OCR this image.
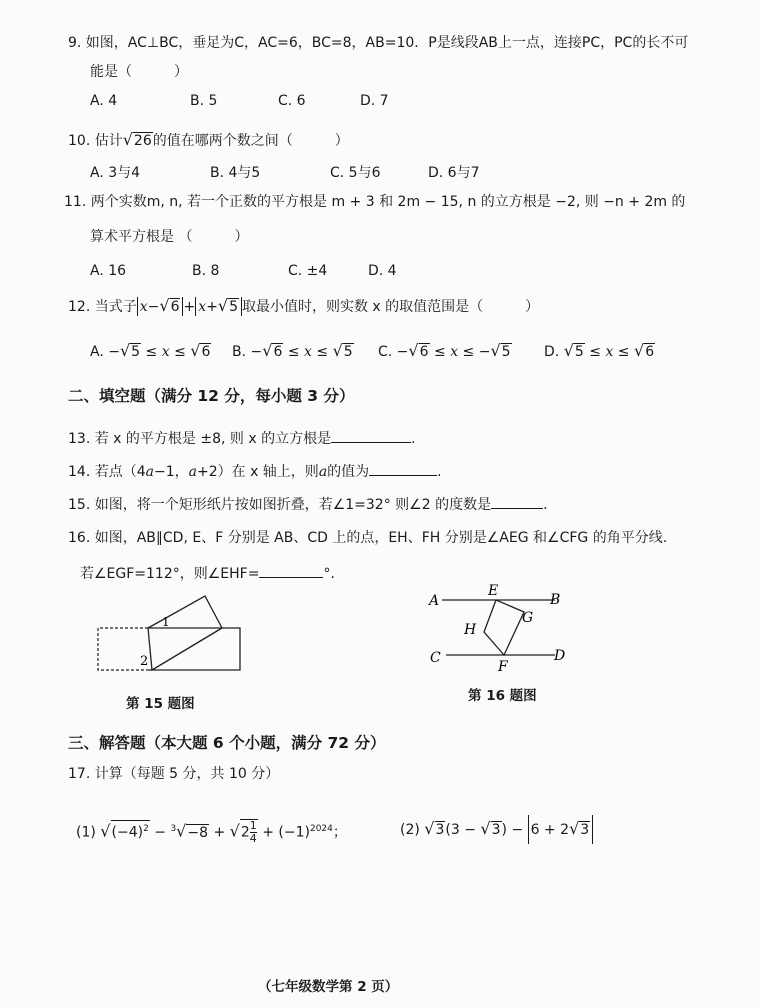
9. 如图，AC⊥BC，垂足为C，AC=6，BC=8，AB=10．P是线段AB上一点，连接PC，PC的长不可
能是（　　　）
A. 4	B. 5	C. 6	D. 7
10. 估计√26的值在哪两个数之间（　　　）
A. 3与4	B. 4与5	C. 5与6	D. 6与7
11. 两个实数m, n, 若一个正数的平方根是 m + 3 和 2m − 15, n 的立方根是 −2, 则 −n + 2m 的
算术平方根是 （　　　）
A. 16	B. 8	C. ±4	D. 4
12. 当式子 x−√6 + x+√5 取最小值时，则实数 x 的取值范围是（　　　）
A. −√5 ≤ x ≤ √6 B. −√6 ≤ x ≤ √5 C. −√6 ≤ x ≤ −√5 D. √5 ≤ x ≤ √6
二、填空题（满分 12 分，每小题 3 分）
13. 若 x 的平方根是 ±8, 则 x 的立方根是	.
14. 若点（4a−1，a+2）在 x 轴上，则a的值为	.
15. 如图，将一个矩形纸片按如图折叠，若∠1=32° 则∠2 的度数是	.
16. 如图，AB∥CD, E、F 分别是 AB、CD 上的点，EH、FH 分别是∠AEG 和∠CFG 的角平分线.
若∠EGF=112°，则∠EHF=	°．
1
2
第 15 题图
A	B
C	D
E
F
G
H
第 16 题图
三、解答题（本大题 6 个小题，满分 72 分）
17. 计算（每题 5 分，共 10 分）
(1) $√(-4)^2 - ^3√-8 + √2 \frac{1}{4} + (-1)^{2024}$；	(2) √3(3 − √3) − 6 + 2√3
（七年级数学第 2 页）
